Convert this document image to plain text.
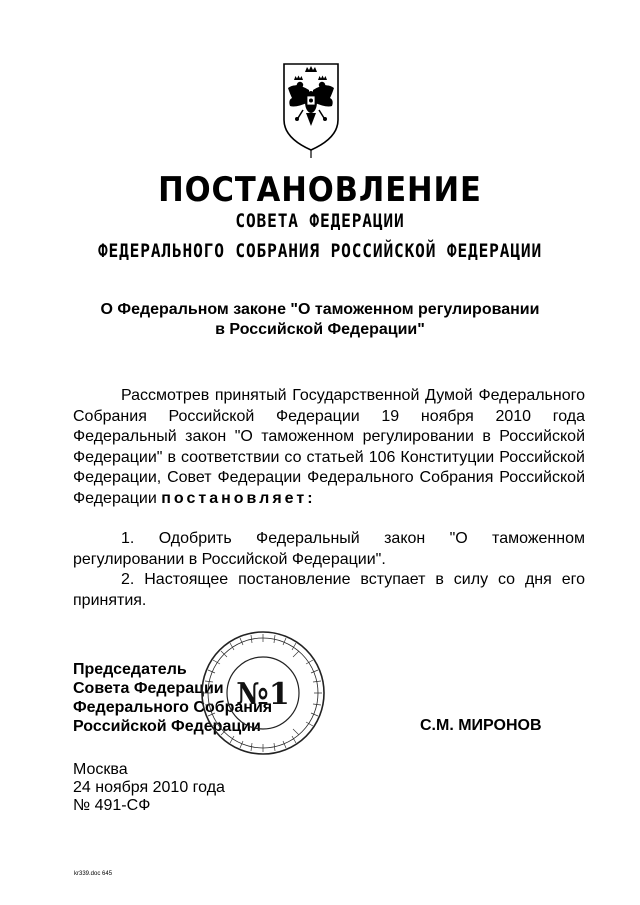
ПОСТАНОВЛЕНИЕ
СОВЕТА ФЕДЕРАЦИИ
ФЕДЕРАЛЬНОГО СОБРАНИЯ РОССИЙСКОЙ ФЕДЕРАЦИИ
О Федеральном законе "О таможенном регулировании
в Российской Федерации"
Рассмотрев принятый Государственной Думой Федерального Собрания Российской Федерации 19 ноября 2010 года Федеральный закон "О таможенном регулировании в Российской Федерации" в соответствии со статьей 106 Конституции Российской Федерации, Совет Федерации Федерального Собрания Российской Федерации постановляет:
1. Одобрить Федеральный закон "О таможенном регулировании в Российской Федерации".
2. Настоящее постановление вступает в силу со дня его принятия.
Председатель
Совета Федерации
Федерального Собрания
Российской Федерации
№1
С.М. МИРОНОВ
Москва
24 ноября 2010 года
№ 491-СФ
kr339.doc 645
